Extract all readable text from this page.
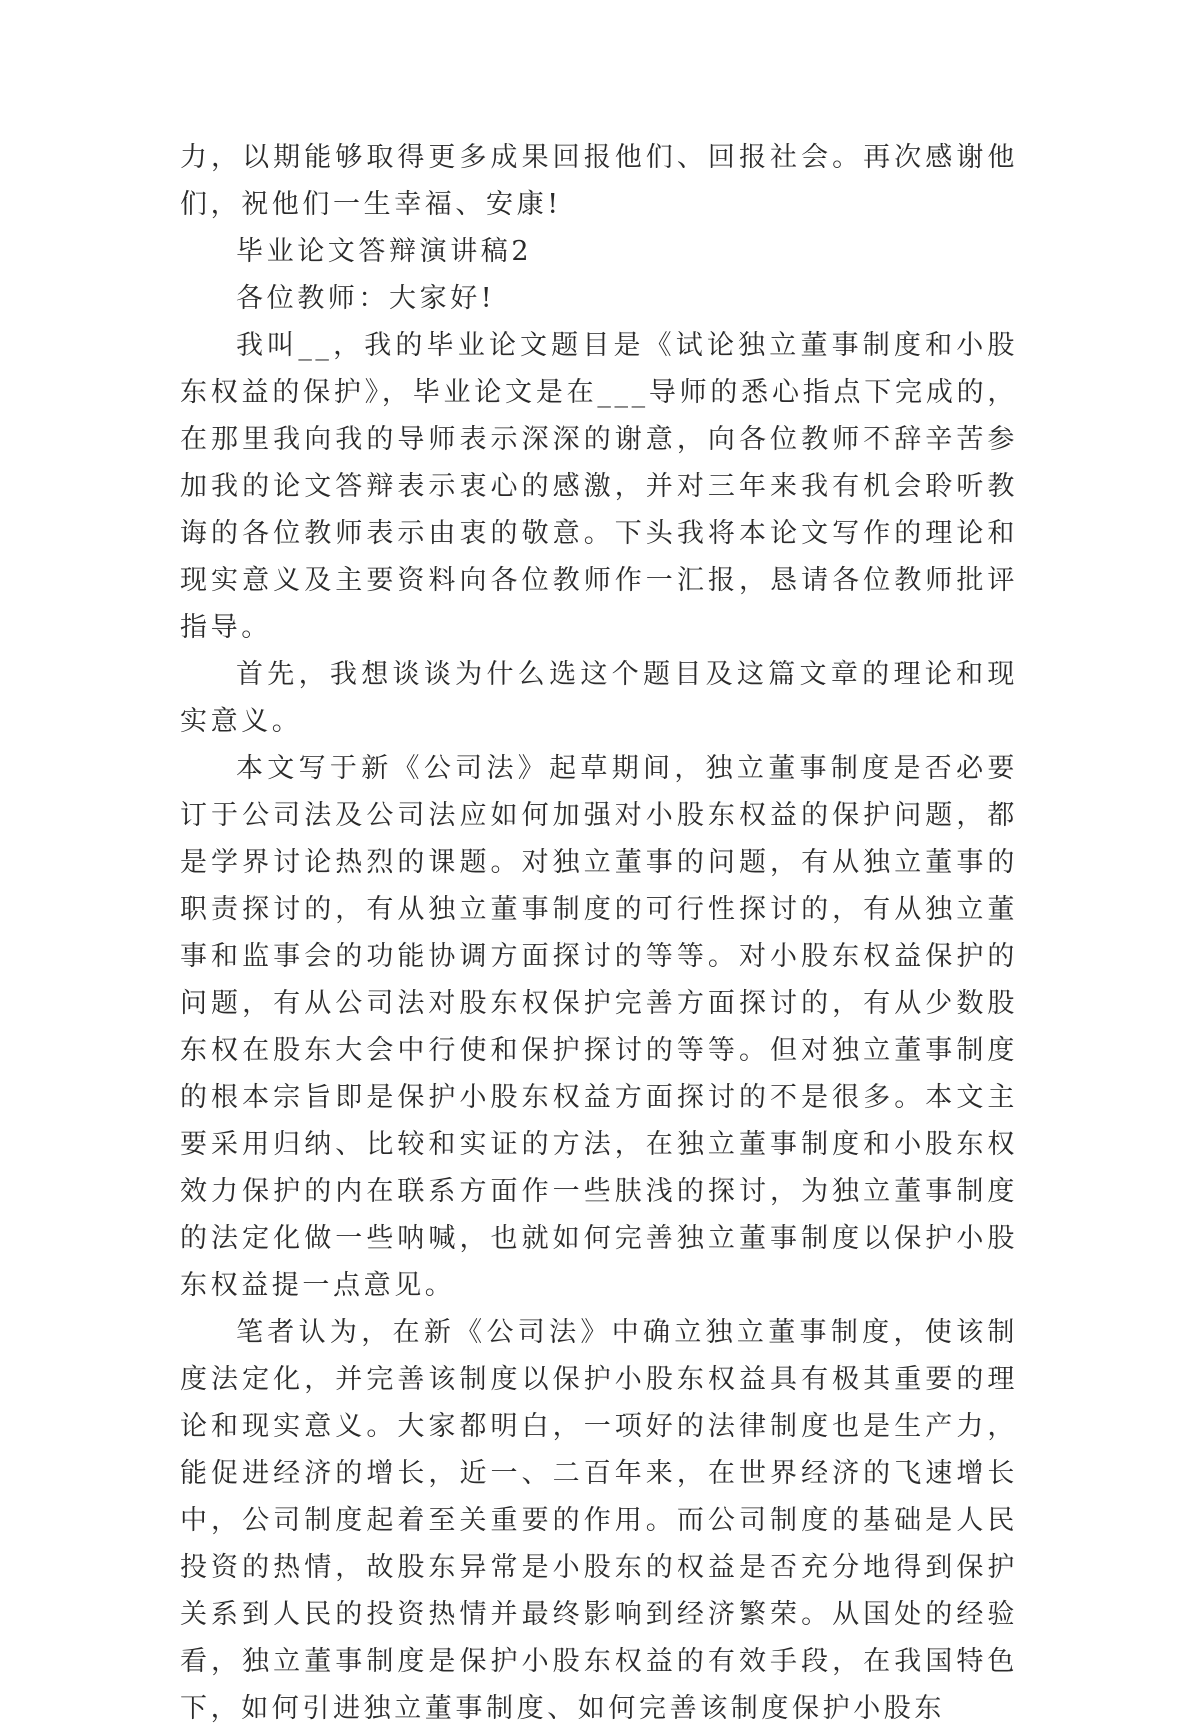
力，以期能够取得更多成果回报他们、回报社会。再次感谢他们，祝他们一生幸福、安康!

毕业论文答辩演讲稿2

各位教师：大家好!

我叫__，我的毕业论文题目是《试论独立董事制度和小股东权益的保护》，毕业论文是在___导师的悉心指点下完成的，在那里我向我的导师表示深深的谢意，向各位教师不辞辛苦参加我的论文答辩表示衷心的感激，并对三年来我有机会聆听教诲的各位教师表示由衷的敬意。下头我将本论文写作的理论和现实意义及主要资料向各位教师作一汇报，恳请各位教师批评指导。

首先，我想谈谈为什么选这个题目及这篇文章的理论和现实意义。

本文写于新《公司法》起草期间，独立董事制度是否必要订于公司法及公司法应如何加强对小股东权益的保护问题，都是学界讨论热烈的课题。对独立董事的问题，有从独立董事的职责探讨的，有从独立董事制度的可行性探讨的，有从独立董事和监事会的功能协调方面探讨的等等。对小股东权益保护的问题，有从公司法对股东权保护完善方面探讨的，有从少数股东权在股东大会中行使和保护探讨的等等。但对独立董事制度的根本宗旨即是保护小股东权益方面探讨的不是很多。本文主要采用归纳、比较和实证的方法，在独立董事制度和小股东权效力保护的内在联系方面作一些肤浅的探讨，为独立董事制度的法定化做一些呐喊，也就如何完善独立董事制度以保护小股东权益提一点意见。

笔者认为，在新《公司法》中确立独立董事制度，使该制度法定化，并完善该制度以保护小股东权益具有极其重要的理论和现实意义。大家都明白，一项好的法律制度也是生产力，能促进经济的增长，近一、二百年来，在世界经济的飞速增长中，公司制度起着至关重要的作用。而公司制度的基础是人民投资的热情，故股东异常是小股东的权益是否充分地得到保护关系到人民的投资热情并最终影响到经济繁荣。从国处的经验看，独立董事制度是保护小股东权益的有效手段，在我国特色下，如何引进独立董事制度、如何完善该制度保护小股东
